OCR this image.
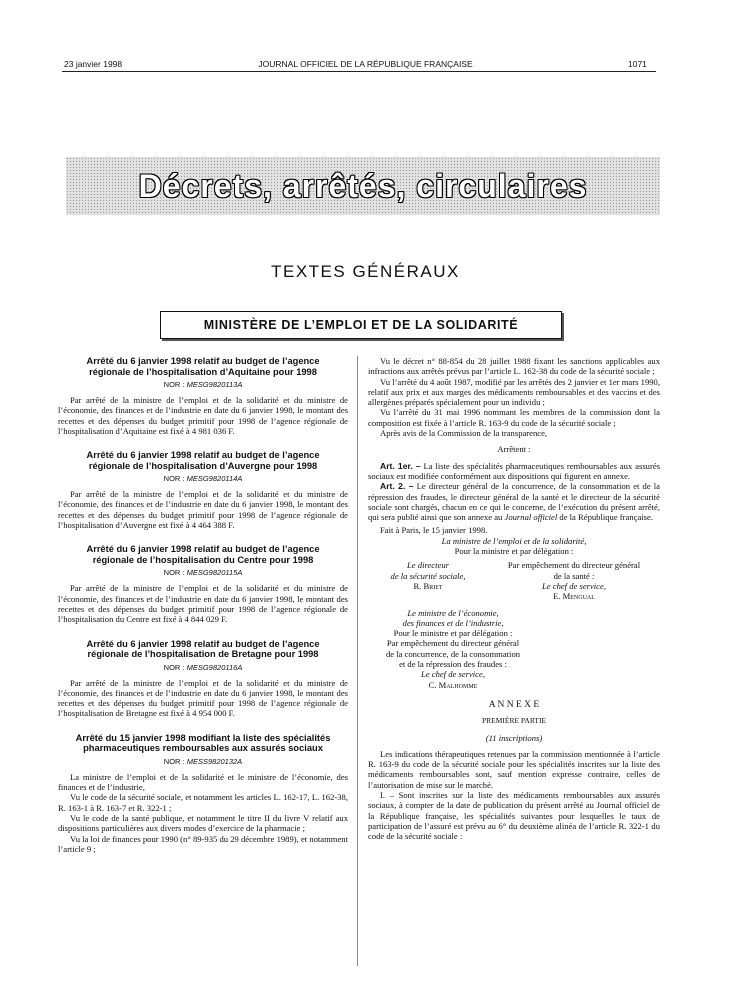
23 janvier 1998	JOURNAL OFFICIEL DE LA RÉPUBLIQUE FRANÇAISE	1071
Décrets, arrêtés, circulaires
TEXTES GÉNÉRAUX
MINISTÈRE DE L’EMPLOI ET DE LA SOLIDARITÉ
Arrêté du 6 janvier 1998 relatif au budget de l’agence régionale de l’hospitalisation d’Aquitaine pour 1998
NOR : MESG9820113A

Par arrêté de la ministre de l’emploi et de la solidarité et du ministre de l’économie, des finances et de l’industrie en date du 6 janvier 1998, le montant des recettes et des dépenses du budget primitif pour 1998 de l’agence régionale de l’hospitalisation d’Aquitaine est fixé à 4 981 036 F.

Arrêté du 6 janvier 1998 relatif au budget de l’agence régionale de l’hospitalisation d’Auvergne pour 1998
NOR : MESG9820114A

Par arrêté de la ministre de l’emploi et de la solidarité et du ministre de l’économie, des finances et de l’industrie en date du 6 janvier 1998, le montant des recettes et des dépenses du budget primitif pour 1998 de l’agence régionale de l’hospitalisation d’Auvergne est fixé à 4 464 388 F.

Arrêté du 6 janvier 1998 relatif au budget de l’agence régionale de l’hospitalisation du Centre pour 1998
NOR : MESG9820115A

Par arrêté de la ministre de l’emploi et de la solidarité et du ministre de l’économie, des finances et de l’industrie en date du 6 janvier 1998, le montant des recettes et des dépenses du budget primitif pour 1998 de l’agence régionale de l’hospitalisation du Centre est fixé à 4 844 029 F.

Arrêté du 6 janvier 1998 relatif au budget de l’agence régionale de l’hospitalisation de Bretagne pour 1998
NOR : MESG9820116A

Par arrêté de la ministre de l’emploi et de la solidarité et du ministre de l’économie, des finances et de l’industrie en date du 6 janvier 1998, le montant des recettes et des dépenses du budget primitif pour 1998 de l’agence régionale de l’hospitalisation de Bretagne est fixé à 4 954 000 F.

Arrêté du 15 janvier 1998 modifiant la liste des spécialités pharmaceutiques remboursables aux assurés sociaux
NOR : MESS9820132A

La ministre de l’emploi et de la solidarité et le ministre de l’économie, des finances et de l’industrie,

Vu le code de la sécurité sociale, et notamment les articles L. 162-17, L. 162-38, R. 163-1 à R. 163-7 et R. 322-1 ;

Vu le code de la santé publique, et notamment le titre II du livre V relatif aux dispositions particulières aux divers modes d’exercice de la pharmacie ;

Vu la loi de finances pour 1990 (n° 89-935 du 29 décembre 1989), et notamment l’article 9 ;

Vu le décret n° 88-854 du 28 juillet 1988 fixant les sanctions applicables aux infractions aux arrêtés prévus par l’article L. 162-38 du code de la sécurité sociale ;

Vu l’arrêté du 4 août 1987, modifié par les arrêtés des 2 janvier et 1er mars 1990, relatif aux prix et aux marges des médicaments remboursables et des vaccins et des allergènes préparés spécialement pour un individu ;

Vu l’arrêté du 31 mai 1996 nommant les membres de la commission dont la composition est fixée à l’article R. 163-9 du code de la sécurité sociale ;

Après avis de la Commission de la transparence,

Arrêtent :

Art. 1er. – La liste des spécialités pharmaceutiques remboursables aux assurés sociaux est modifiée conformément aux dispositions qui figurent en annexe.

Art. 2. – Le directeur général de la concurrence, de la consommation et de la répression des fraudes, le directeur général de la santé et le directeur de la sécurité sociale sont chargés, chacun en ce qui le concerne, de l’exécution du présent arrêté, qui sera publié ainsi que son annexe au Journal officiel de la République française.

Fait à Paris, le 15 janvier 1998.
La ministre de l’emploi et de la solidarité,
Pour la ministre et par délégation :
Le directeur
de la sécurité sociale,
R. Briet
Par empêchement du directeur général
de la santé :
Le chef de service,
E. Mengual
Le ministre de l’économie,
des finances et de l’industrie,
Pour le ministre et par délégation :
Par empêchement du directeur général
de la concurrence, de la consommation
et de la répression des fraudes :
Le chef de service,
C. Malhomme
A N N E X E
PREMIÈRE PARTIE
(11 inscriptions)

Les indications thérapeutiques retenues par la commission mentionnée à l’article R. 163-9 du code de la sécurité sociale pour les spécialités inscrites sur la liste des médicaments remboursables sont, sauf mention expresse contraire, celles de l’autorisation de mise sur le marché.

I. – Sont inscrites sur la liste des médicaments remboursables aux assurés sociaux, à compter de la date de publication du présent arrêté au Journal officiel de la République française, les spécialités suivantes pour lesquelles le taux de participation de l’assuré est prévu au 6° du deuxième alinéa de l’article R. 322-1 du code de la sécurité sociale :
